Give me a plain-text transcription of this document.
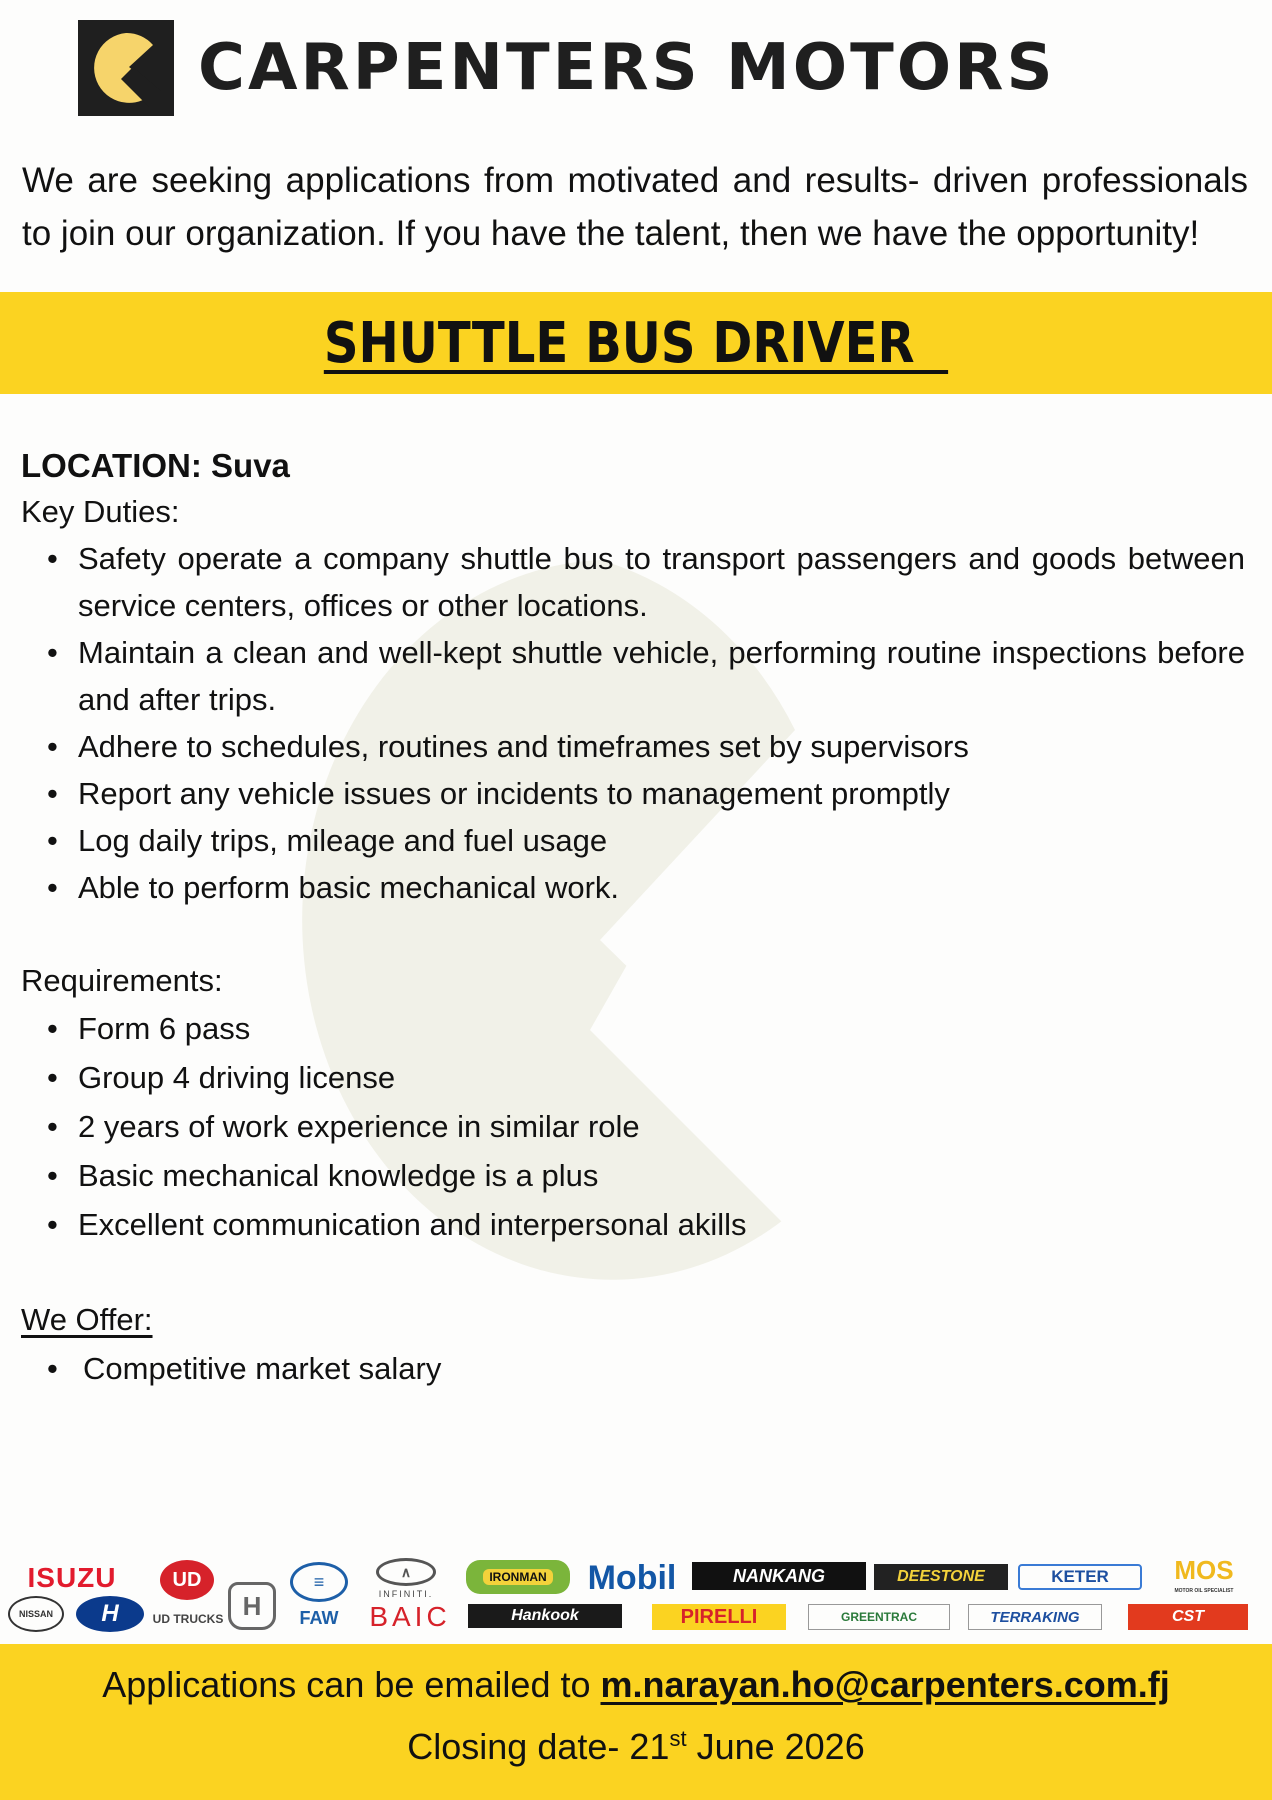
CARPENTERS MOTORS

We are seeking applications from motivated and results- driven professionals to join our organization. If you have the talent, then we have the opportunity!

SHUTTLE BUS DRIVER
LOCATION: Suva
Key Duties:
• Safety operate a company shuttle bus to transport passengers and goods between service centers, offices or other locations.
• Maintain a clean and well-kept shuttle vehicle, performing routine inspections before and after trips.
• Adhere to schedules, routines and timeframes set by supervisors
• Report any vehicle issues or incidents to management promptly
• Log daily trips, mileage and fuel usage
• Able to perform basic mechanical work.
Requirements:
• Form 6 pass
• Group 4 driving license
• 2 years of work experience in similar role
• Basic mechanical knowledge is a plus
• Excellent communication and interpersonal akills
We Offer:
• Competitive market salary
ISUZU
NISSAN	H
UD
UD TRUCKS H
≡
FAW
∧
INFINITI.
BAIC
IRONMAN
Hankook
Mobil
PIRELLI
NANKANG
GREENTRAC
DEESTONE
TERRAKING
KETER
CST
MOS
MOTOR OIL SPECIALIST
Applications can be emailed to m.narayan.ho@carpenters.com.fj
Closing date- 21st June 2026
